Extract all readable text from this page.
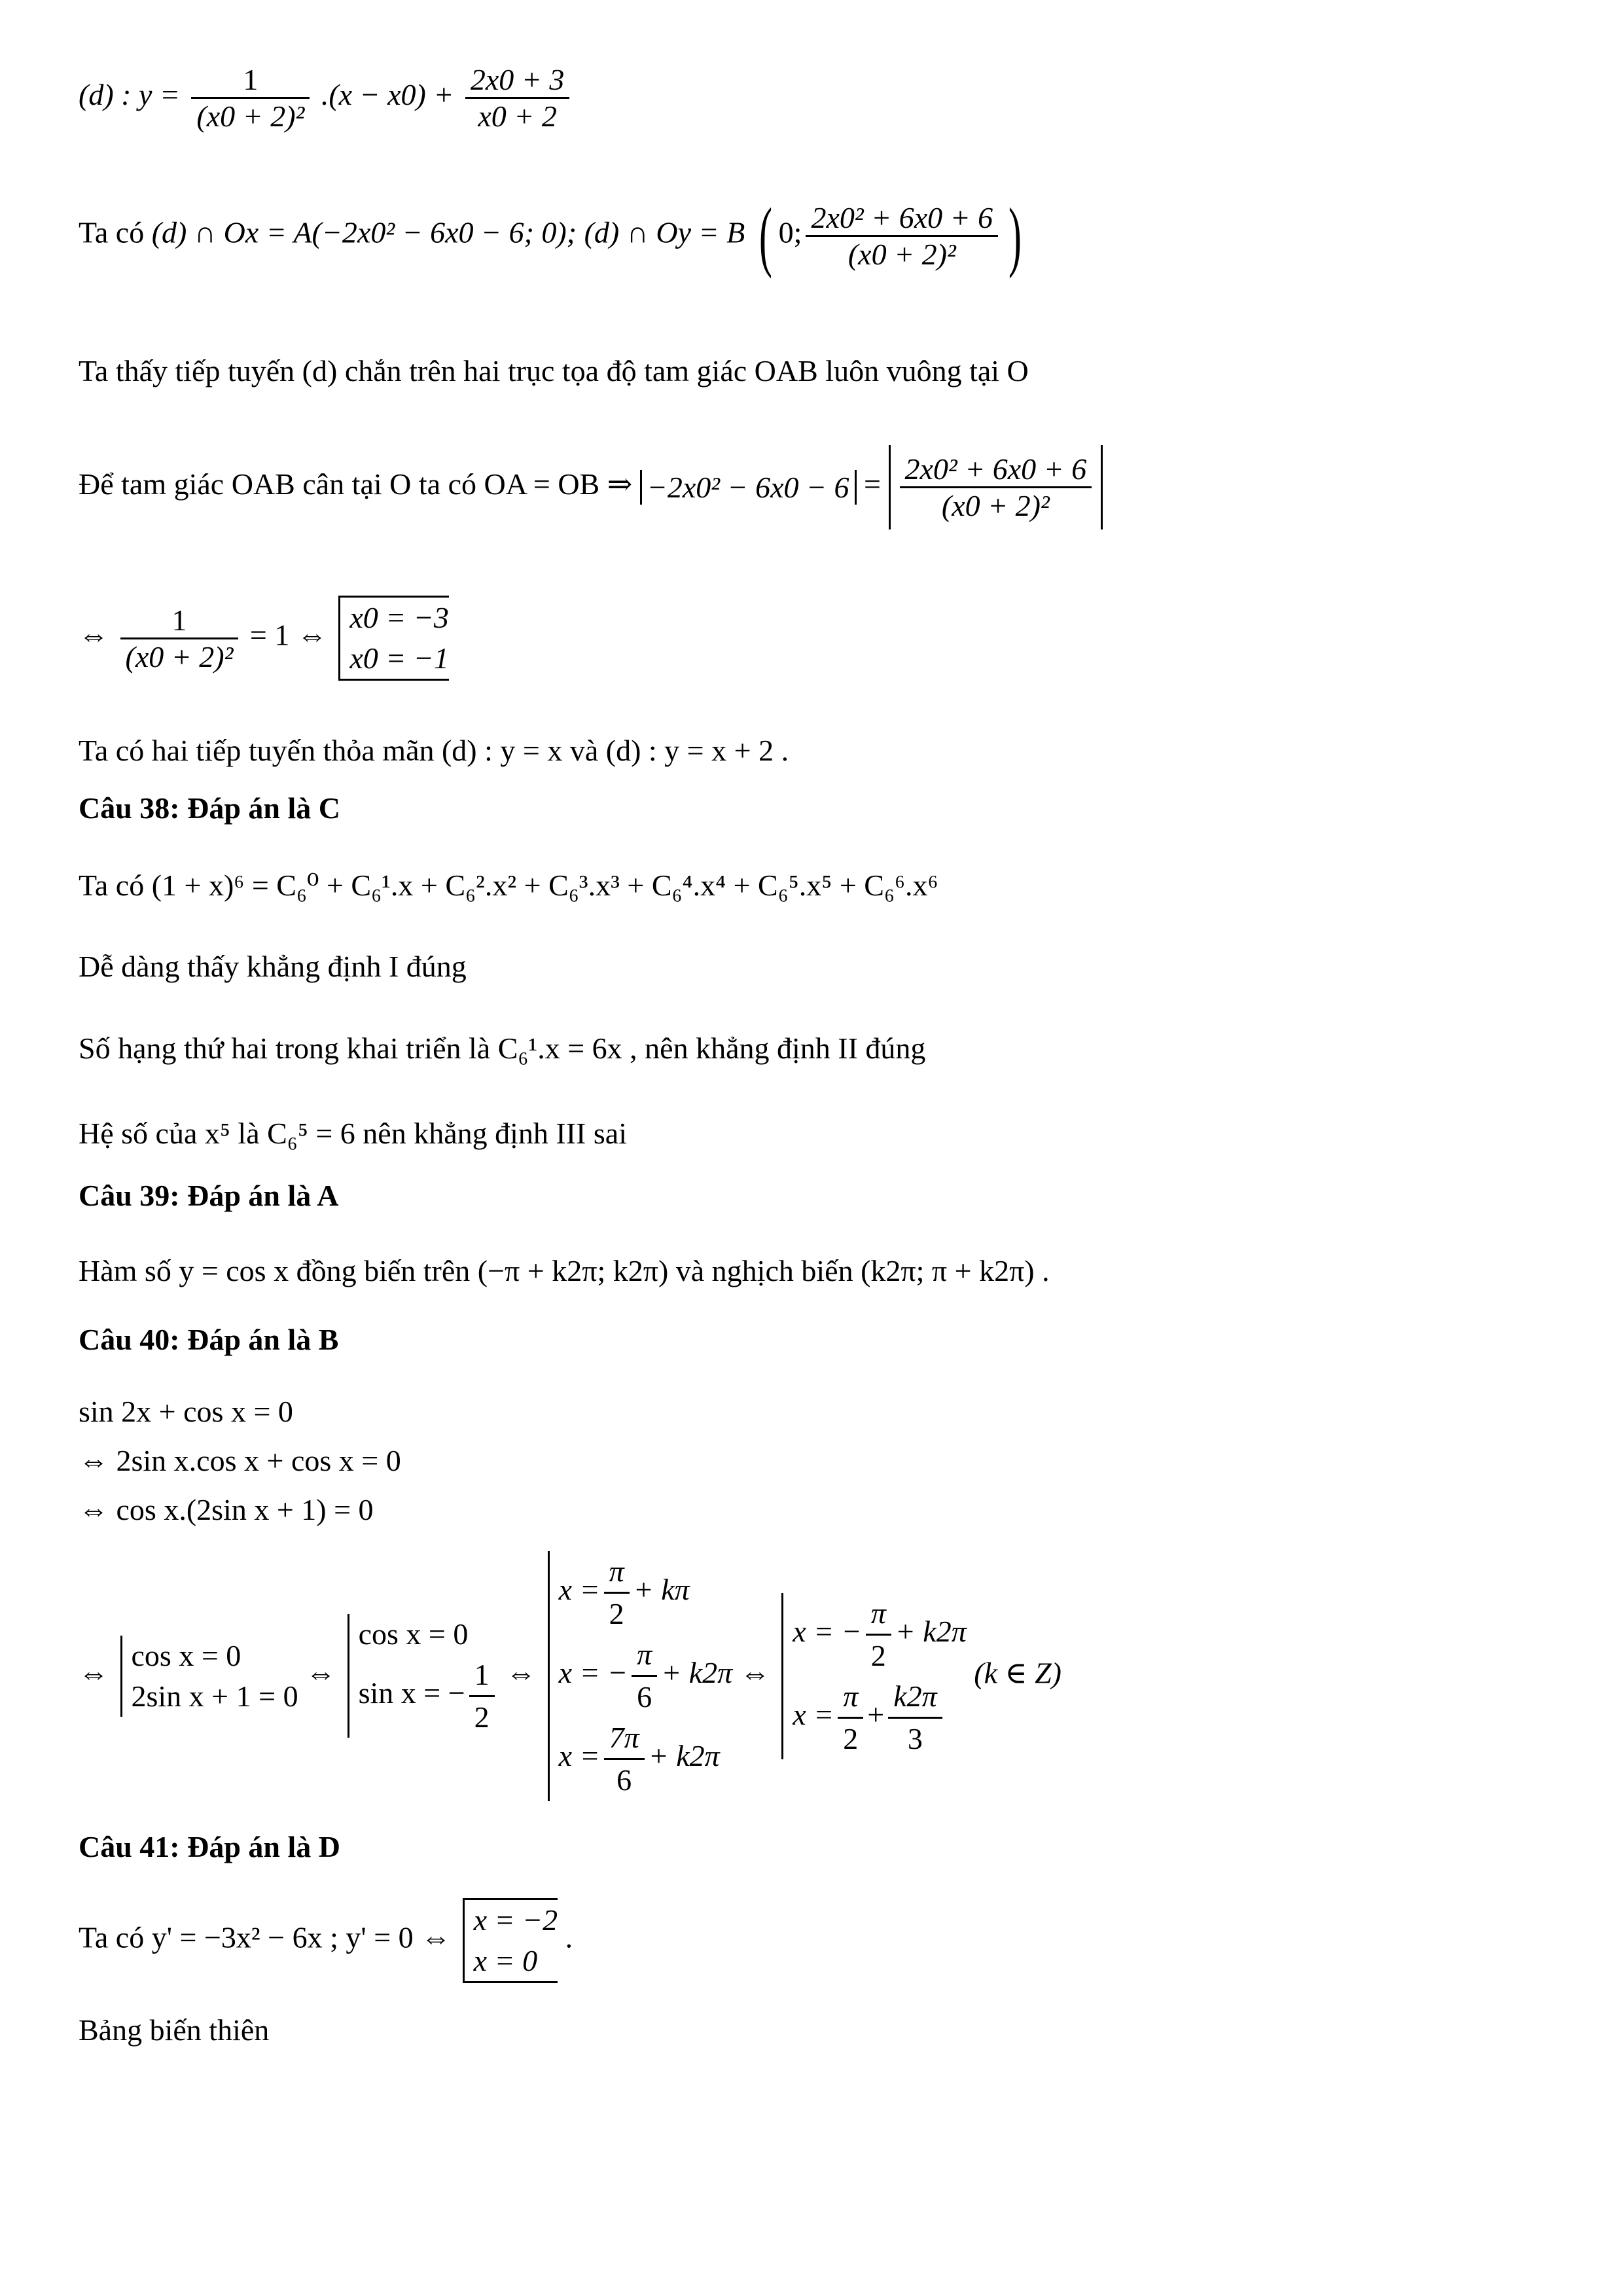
(d) : $y = \frac{1}{\text{(x0 + 2)²}} .(x - x0) + \frac{2x0 + 3}{x0 + 2}$
Ta có (d) ∩ Ox = A(−2x0² − 6x0 − 6; 0); (d) ∩ Oy = B ( 0; $\frac{\text{2x0² + 6x0 + 6}}{\text{(x0 + 2)²}}$ )
Ta thấy tiếp tuyến (d) chắn trên hai trục tọa độ tam giác OAB luôn vuông tại O
Để tam giác OAB cân tại O ta có OA = OB ⇒ $-2x0^2 - 6x0 - 6 = \frac{\text{2x0² + 6x0 + 6}}{\text{(x0 + 2)²}}$
⇔ $\frac{1}{\text{(x0 + 2)²}} = 1$ ⇔
x0 = −3
x0 = −1
Ta có hai tiếp tuyến thỏa mãn (d) : y = x và (d) : y = x + 2 .
Câu 38: Đáp án là C
Ta có (1 + x)⁶ = C₆⁰ + C₆¹.x + C₆².x² + C₆³.x³ + C₆⁴.x⁴ + C₆⁵.x⁵ + C₆⁶.x⁶
Dễ dàng thấy khẳng định I đúng
Số hạng thứ hai trong khai triển là C₆¹.x = 6x , nên khẳng định II đúng
Hệ số của x⁵ là C₆⁵ = 6 nên khẳng định III sai
Câu 39: Đáp án là A
Hàm số y = cos x đồng biến trên (−π + k2π; k2π) và nghịch biến (k2π; π + k2π) .
Câu 40: Đáp án là B
sin 2x + cos x = 0
⇔ 2sin x.cos x + cos x = 0
⇔ cos x.(2sin x + 1) = 0
⇔
cos x = 0
2sin x + 1 = 0
⇔
cos x = 0
sin x = − $\frac{1}{2}$ ⇔
$x = \frac{\pi}{2} + k\pi$
x = − $\frac{\pi}{6} + k2\pi$
$x = \frac{7\pi}{6} + k2\pi$
⇔
x = − $\frac{\pi}{2} + k2\pi$
$x = \frac{\pi}{2} + \frac{k2\pi}{3}$
(k ∈ Z)
Câu 41: Đáp án là D
Ta có y' = −3x² − 6x ; y' = 0 ⇔
x = −2
x = 0
.
Bảng biến thiên
